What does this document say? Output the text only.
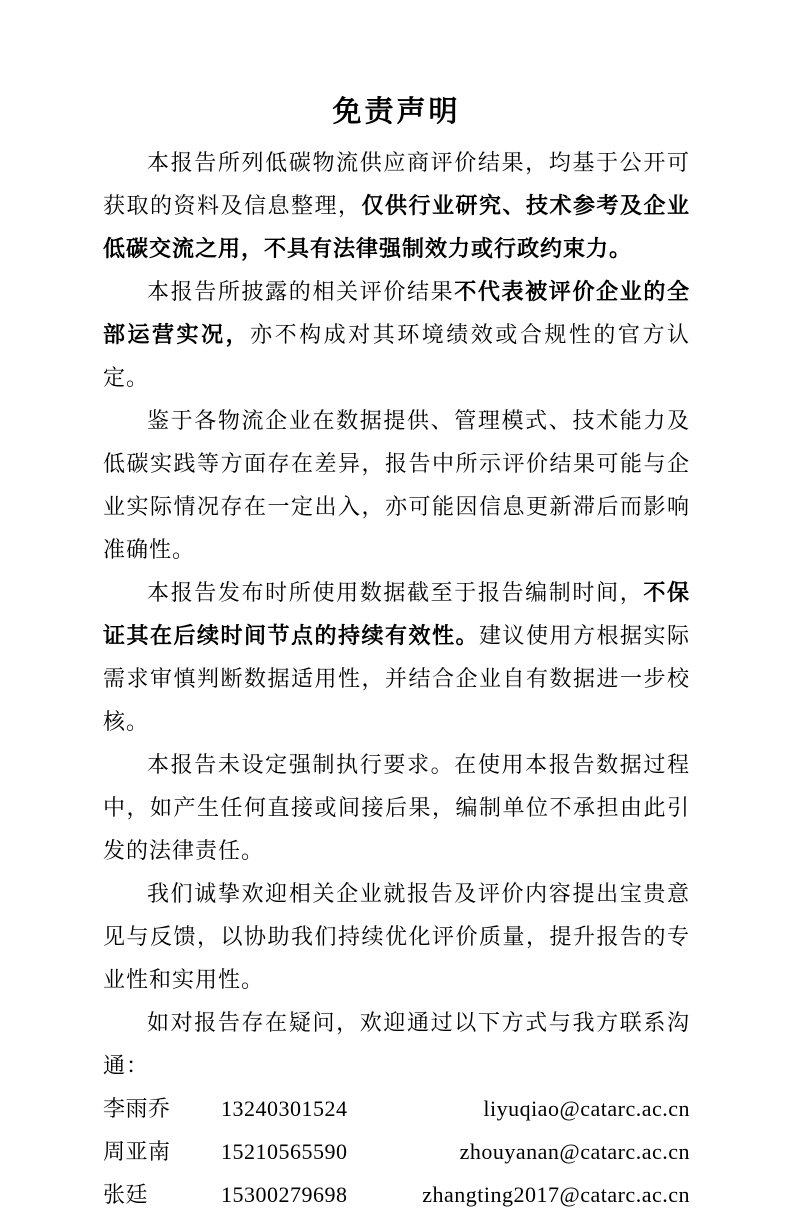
免责声明

本报告所列低碳物流供应商评价结果，均基于公开可获取的资料及信息整理，仅供行业研究、技术参考及企业低碳交流之用，不具有法律强制效力或行政约束力。

本报告所披露的相关评价结果不代表被评价企业的全部运营实况，亦不构成对其环境绩效或合规性的官方认定。

鉴于各物流企业在数据提供、管理模式、技术能力及低碳实践等方面存在差异，报告中所示评价结果可能与企业实际情况存在一定出入，亦可能因信息更新滞后而影响准确性。

本报告发布时所使用数据截至于报告编制时间，不保证其在后续时间节点的持续有效性。建议使用方根据实际需求审慎判断数据适用性，并结合企业自有数据进一步校核。

本报告未设定强制执行要求。在使用本报告数据过程中，如产生任何直接或间接后果，编制单位不承担由此引发的法律责任。

我们诚挚欢迎相关企业就报告及评价内容提出宝贵意见与反馈，以协助我们持续优化评价质量，提升报告的专业性和实用性。

如对报告存在疑问，欢迎通过以下方式与我方联系沟通：

李雨乔	13240301524	liyuqiao@catarc.ac.cn
周亚南	15210565590	zhouyanan@catarc.ac.cn
张廷	15300279698	zhangting2017@catarc.ac.cn
